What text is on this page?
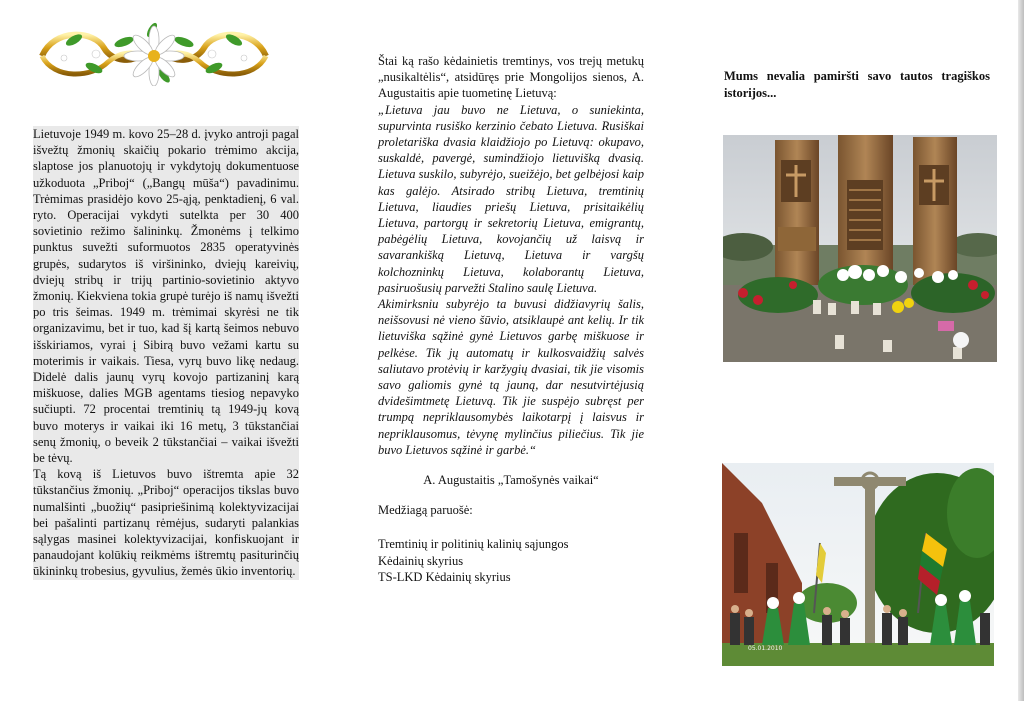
Lietuvoje 1949 m. kovo 25–28 d. įvyko antroji pagal išvežtų žmonių skaičių pokario trėmimo akcija, slaptose jos planuotojų ir vykdytojų dokumentuose užkoduota „Priboj“ („Bangų mūša“) pavadinimu. Trėmimas prasidėjo kovo 25-ąją, penktadienį, 6 val. ryto. Operacijai vykdyti sutelkta per 30 400 sovietinio režimo šalininkų. Žmonėms į telkimo punktus suvežti suformuotos 2835 operatyvinės grupės, sudarytos iš viršininko, dviejų kareivių, dviejų stribų ir trijų partinio-sovietinio aktyvo žmonių. Kiekviena tokia grupė turėjo iš namų išvežti po tris šeimas. 1949 m. trėmimai skyrėsi ne tik organizavimu, bet ir tuo, kad šį kartą šeimos nebuvo išskiriamos, vyrai į Sibirą buvo vežami kartu su moterimis ir vaikais. Tiesa, vyrų buvo likę nedaug. Didelė dalis jaunų vyrų kovojo partizaninį karą miškuose, dalies MGB agentams tiesiog nepavyko sučiupti. 72 procentai tremtinių tą 1949-jų kovą buvo moterys ir vaikai iki 16 metų, 3 tūkstančiai senų žmonių, o beveik 2 tūkstančiai – vaikai išvežti be tėvų.

Tą kovą iš Lietuvos buvo ištremta apie 32 tūkstančius žmonių. „Priboj“ operacijos tikslas buvo numalšinti „buožių“ pasipriešinimą kolektyvizacijai bei pašalinti partizanų rėmėjus, sudaryti palankias sąlygas masinei kolektyvizacijai, konfiskuojant ir panaudojant kolūkių reikmėms ištremtų pasiturinčių ūkininkų trobesius, gyvulius, žemės ūkio inventorių.

Štai ką rašo kėdainietis tremtinys, vos trejų metukų „nusikaltėlis“, atsidūręs prie Mongolijos sienos, A. Augustaitis apie tuometinę Lietuvą:

„Lietuva jau buvo ne Lietuva, o suniekinta, supurvinta rusiško kerzinio čebato Lietuva. Rusiškai proletariška dvasia klaidžiojo po Lietuvą: okupavo, suskaldė, pavergė, sumindžiojo lietuvišką dvasią. Lietuva suskilo, subyrėjo, sueižėjo, bet gelbėjosi kaip kas galėjo. Atsirado stribų Lietuva, tremtinių Lietuva, liaudies priešų Lietuva, prisitaikėlių Lietuva, partorgų ir sekretorių Lietuva, emigrantų, pabėgėlių Lietuva, kovojančių už laisvą ir savarankišką Lietuvą, Lietuva ir vargšų kolchozninkų Lietuva, kolaborantų Lietuva, pasiruošusių parvežti Stalino saulę Lietuva.

Akimirksniu subyrėjo ta buvusi didžiavyrių šalis, neišsovusi nė vieno šūvio, atsiklaupė ant kelių. Ir tik lietuviška sąžinė gynė Lietuvos garbę miškuose ir pelkėse. Tik jų automatų ir kulkosvaidžių salvės saliutavo protėvių ir karžygių dvasiai, tik jie visomis savo galiomis gynė tą jauną, dar nesutvirtėjusią dvidešimtmetę Lietuvą. Tik jie suspėjo subręst per trumpą nepriklausomybės laikotarpį į laisvus ir nepriklausomus, tėvynę mylinčius piliečius. Tik jie buvo Lietuvos sąžinė ir garbė.“

A. Augustaitis „Tamošynės vaikai“

Medžiagą paruošė:

Tremtinių ir politinių kalinių sąjungos
Kėdainių skyrius
TS-LKD Kėdainių skyrius
Mums nevalia pamiršti savo tautos tragiškos istorijos...
05.01.2010
